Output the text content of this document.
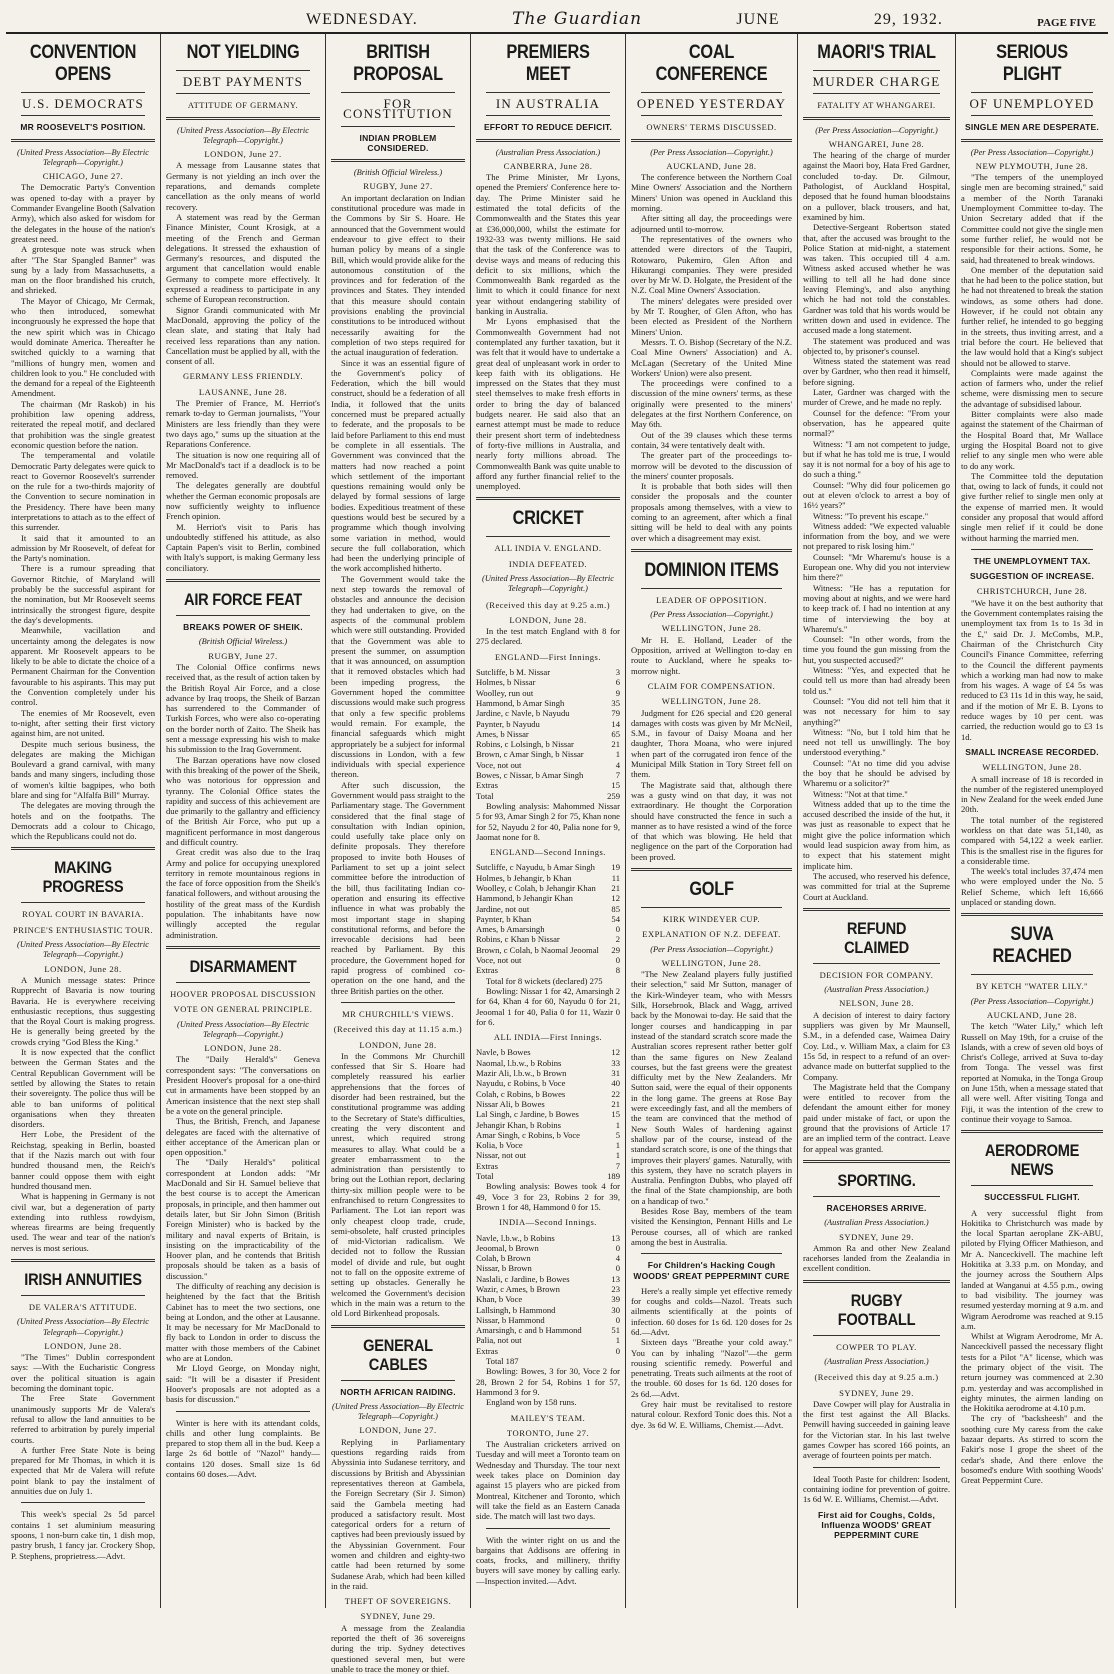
WEDNESDAY.	The Guardian	JUNE	29, 1932.	PAGE FIVE
CONVENTION OPENS
U.S. DEMOCRATS
MR ROOSEVELT'S POSITION.
(United Press Association—By Electric Telegraph—Copyright.)
CHICAGO, June 27.

The Democratic Party's Convention was opened to-day with a prayer by Commander Evangeline Booth (Salvation Army), which also asked for wisdom for the delegates in the house of the nation's greatest need.

A grotesque note was struck when after "The Star Spangled Banner" was sung by a lady from Massachusetts, a man on the floor brandished his crutch, and shrieked.

The Mayor of Chicago, Mr Cermak, who then introduced, somewhat incongruously he expressed the hope that the new spirit which was in Chicago would dominate America. Thereafter he switched quickly to a warning that "millions of hungry men, women and children look to you." He concluded with the demand for a repeal of the Eighteenth Amendment.

The chairman (Mr Raskob) in his prohibition law opening address, reiterated the repeal motif, and declared that prohibition was the single greatest economic question before the nation.

The temperamental and volatile Democratic Party delegates were quick to react to Governor Roosevelt's surrender on the rule for a two-thirds majority of the Convention to secure nomination in the Presidency. There have been many interpretations to attach as to the effect of this surrender.

It said that it amounted to an admission by Mr Roosevelt, of defeat for the Party's nomination.

There is a rumour spreading that Governor Ritchie, of Maryland will probably be the successful aspirant for the nomination, but Mr Roosevelt seems intrinsically the strongest figure, despite the day's developments.

Meanwhile, vacillation and uncertainty among the delegates is now apparent. Mr Roosevelt appears to be likely to be able to dictate the choice of a Permanent Chairman for the Convention favourable to his aspirants. This may put the Convention completely under his control.

The enemies of Mr Roosevelt, even to-night, after setting their first victory against him, are not united.

Despite much serious business, the delegates are making the Michigan Boulevard a grand carnival, with many bands and many singers, including those of women's kiltie bagpipes, who both blare and sing for "Alfalfa Bill" Murray.

The delegates are moving through the hotels and on the footpaths. The Democrats add a colour to Chicago, which the Republicans could not do.

MAKING PROGRESS
ROYAL COURT IN BAVARIA.
PRINCE'S ENTHUSIASTIC TOUR.
(United Press Association—By Electric Telegraph—Copyright.)
LONDON, June 28.

A Munich message states: Prince Rupprecht of Bavaria is now touring Bavaria. He is everywhere receiving enthusiastic receptions, thus suggesting that the Royal Court is making progress. He is generally being greeted by the crowds crying "God Bless the King."

It is now expected that the conflict between the German States and the Central Republican Government will be settled by allowing the States to retain their sovereignty. The police thus will be able to ban uniforms of political organisations when they threaten disorders.

Herr Lobe, the President of the Reichstag, speaking in Berlin, boasted that if the Nazis march out with four hundred thousand men, the Reich's banner could oppose them with eight hundred thousand men.

What is happening in Germany is not civil war, but a degeneration of party extending into ruthless rowdyism, whereas firearms are being frequently used. The wear and tear of the nation's nerves is most serious.

IRISH ANNUITIES
DE VALERA'S ATTITUDE.
(United Press Association—By Electric Telegraph—Copyright.)
LONDON, June 28.

"The Times" Dublin correspondent says: —With the Eucharistic Congress over the political situation is again becoming the dominant topic.

The Free State Government unanimously supports Mr de Valera's refusal to allow the land annuities to be referred to arbitration by purely imperial courts.

A further Free State Note is being prepared for Mr Thomas, in which it is expected that Mr de Valera will refute point blank to pay the instalment of annuities due on July 1.

This week's special 2s 5d parcel contains 1 set aluminium measuring spoons, 1 non-burn cake tin, 1 dish mop, pastry brush, 1 fancy jar. Crockery Shop, P. Stephens, proprietress.—Advt.

NOT YIELDING
DEBT PAYMENTS
ATTITUDE OF GERMANY.
(United Press Association—By Electric Telegraph—Copyright.)
LONDON, June 27.

A message from Lausanne states that Germany is not yielding an inch over the reparations, and demands complete cancellation as the only means of world recovery.

A statement was read by the German Finance Minister, Count Krosigk, at a meeting of the French and German delegations. It stressed the exhaustion of Germany's resources, and disputed the argument that cancellation would enable Germany to compete more effectively. It expressed a readiness to participate in any scheme of European reconstruction.

Signor Grandi communicated with Mr MacDonald, approving the policy of the clean slate, and stating that Italy had received less reparations than any nation. Cancellation must be applied by all, with the consent of all.

GERMANY LESS FRIENDLY.
LAUSANNE, June 28.

The Premier of France, M. Herriot's remark to-day to German journalists, "Your Ministers are less friendly than they were two days ago," sums up the situation at the Reparations Conference.

The situation is now one requiring all of Mr MacDonald's tact if a deadlock is to be removed.

The delegates generally are doubtful whether the German economic proposals are now sufficiently weighty to influence French opinion.

M. Herriot's visit to Paris has undoubtedly stiffened his attitude, as also Captain Papen's visit to Berlin, combined with Italy's support, is making Germany less conciliatory.

AIR FORCE FEAT
BREAKS POWER OF SHEIK.
(British Official Wireless.)
RUGBY, June 27.

The Colonial Office confirms news received that, as the result of action taken by the British Royal Air Force, and a close advance by Iraq troops, the Sheik of Barzan has surrendered to the Commander of Turkish Forces, who were also co-operating on the border north of Zaito. The Sheik has sent a message expressing his wish to make his submission to the Iraq Government.

The Barzan operations have now closed with this breaking of the power of the Sheik, who was notorious for oppression and tyranny. The Colonial Office states the rapidity and success of this achievement are due primarily to the gallantry and efficiency of the British Air Force, who put up a magnificent performance in most dangerous and difficult country.

Great credit was also due to the Iraq Army and police for occupying unexplored territory in remote mountainous regions in the face of force opposition from the Sheik's fanatical followers, and without arousing the hostility of the great mass of the Kurdish population. The inhabitants have now willingly accepted the regular administration.

DISARMAMENT
HOOVER PROPOSAL DISCUSSION
VOTE ON GENERAL PRINCIPLE.
(United Press Association—By Electric Telegraph—Copyright.)
LONDON, June 28.

The "Daily Herald's" Geneva correspondent says: "The conversations on President Hoover's proposal for a one-third cut in armaments have been stopped by an American insistence that the next step shall be a vote on the general principle.

Thus, the British, French, and Japanese delegates are faced with the alternative of either acceptance of the American plan or open opposition."

The "Daily Herald's" political correspondent at London adds: "Mr MacDonald and Sir H. Samuel believe that the best course is to accept the American proposals, in principle, and then hammer out details later, but Sir John Simon (British Foreign Minister) who is backed by the military and naval experts of Britain, is insisting on the impracticability of the Hoover plan, and he contends that British proposals should be taken as a basis of discussion."

The difficulty of reaching any decision is heightened by the fact that the British Cabinet has to meet the two sections, one being at London, and the other at Lausanne. It may be necessary for Mr MacDonald to fly back to London in order to discuss the matter with those members of the Cabinet who are at London.

Mr Lloyd George, on Monday night, said: "It will be a disaster if President Hoover's proposals are not adopted as a basis for discussion."

Winter is here with its attendant colds, chills and other lung complaints. Be prepared to stop them all in the bud. Keep a large 2s 6d bottle of "Nazol" handy—contains 120 doses. Small size 1s 6d contains 60 doses.—Advt.

BRITISH PROPOSAL
FOR CONSTITUTION
INDIAN PROBLEM CONSIDERED.
(British Official Wireless.)
RUGBY, June 27.

An important declaration on Indian constitutional procedure was made in the Commons by Sir S. Hoare. He announced that the Government would endeavour to give effect to their human policy by means of a single Bill, which would provide alike for the autonomous constitution of the provinces and for federation of the provinces and States. They intended that this measure should contain provisions enabling the provincial constitutions to be introduced without necessarily awaiting for the completion of two steps required for the actual inauguration of federation.

Since it was an essential figure of the Government's policy of Federation, which the bill would construct, should be a federation of all India, it followed that the units concerned must be prepared actually to federate, and the proposals to be laid before Parliament to this end must be complete in all essentials. The Government was convinced that the matters had now reached a point which settlement of the important questions remaining would only be delayed by formal sessions of large bodies. Expeditious treatment of these questions would best be secured by a programme which though involving some variation in method, would secure the full collaboration, which had been the underlying principle of the work accomplished hitherto.

The Government would take the next step towards the removal of obstacles and announce the decision they had undertaken to give, on the aspects of the communal problem which were still outstanding. Provided that the Government was able to present the summer, on assumption that it was announced, on assumption that it removed obstacles which had been impeding progress, the Government hoped the committee discussions would make such progress that only a few specific problems would remain. For example, the financial safeguards which might appropriately be a subject for informal discussions in London, with a few individuals with special experience thereon.

After such discussion, the Government would pass straight to the Parliamentary stage. The Government considered that the final stage of consultation with Indian opinion, could usefully take place only on definite proposals. They therefore proposed to invite both Houses of Parliament to set up a joint select committee before the introduction of the bill, thus facilitating Indian co-operation and ensuring its effective influence in what was probably the most important stage in shaping constitutional reforms, and before the irrevocable decisions had been reached by Parliament. By this procedure, the Government hoped for rapid progress of combined co-operation on the one hand, and the three British parties on the other.

MR CHURCHILL'S VIEWS.
(Received this day at 11.15 a.m.)
LONDON, June 28.

In the Commons Mr Churchill confessed that Sir S. Hoare had completely reassured his earlier apprehensions that the forces of disorder had been restrained, but the constitutional programme was adding to the Secretary of State's difficulties, creating the very discontent and unrest, which required strong measures to allay. What could be a greater embarrassment to the administration than persistently to bring out the Lothian report, declaring thirty-six million people were to be enfranchised to return Congressites to Parliament. The Lot ian report was only cheapest cloop trade, crude, semi-obsolete, half crusted principles of mid-Victorian radicalism. We decided not to follow the Russian model of divide and rule, but ought not to fall on the opposite extreme of setting up obstacles. Generally he welcomed the Government's decision which in the main was a return to the old Lord Birkenhead proposals.

GENERAL CABLES
NORTH AFRICAN RAIDING.
(United Press Association—By Electric Telegraph—Copyright.)
LONDON, June 27.

Replying in Parliamentary questions regarding raids from Abyssinia into Sudanese territory, and discussions by British and Abyssinian representatives thereon at Gambela, the Foreign Secretary (Sir J. Simon) said the Gambela meeting had produced a satisfactory result. Most categorical orders for a return of captives had been previously issued by the Abyssinian Government. Four women and children and eighty-two cattle had been returned by some Sudanese Arab, which had been killed in the raid.

THEFT OF SOVEREIGNS.
SYDNEY, June 29.

A message from the Zealandia reported the theft of 36 sovereigns during the trip. Sydney detectives questioned several men, but were unable to trace the money or thief.

PREMIERS MEET
IN AUSTRALIA
EFFORT TO REDUCE DEFICIT.
(Australian Press Association.)
CANBERRA, June 28.

The Prime Minister, Mr Lyons, opened the Premiers' Conference here to-day. The Prime Minister said he estimated the total deficits of the Commonwealth and the States this year at £36,000,000, whilst the estimate for 1932-33 was twenty millions. He said that the task of the Conference was to devise ways and means of reducing this deficit to six millions, which the Commonwealth Bank regarded as the limit to which it could finance for next year without endangering stability of banking in Australia.

Mr Lyons emphasised that the Commonwealth Government had not contemplated any further taxation, but it was felt that it would have to undertake a great deal of unpleasant work in order to keep faith with its obligations. He impressed on the States that they must steel themselves to make fresh efforts in order to bring the day of balanced budgets nearer. He said also that an earnest attempt must be made to reduce their present short term of indebtedness of forty-five millions in Australia, and nearly forty millions abroad. The Commonwealth Bank was quite unable to afford any further financial relief to the unemployed.

CRICKET
ALL INDIA V. ENGLAND.
INDIA DEFEATED.
(United Press Association—By Electric Telegraph—Copyright.)
(Received this day at 9.25 a.m.)
LONDON, June 28.

In the test match England with 8 for 275 declared.

ENGLAND—First Innings.
Sutcliffe, b M. Nissar	3
Holmes, b Nissar	6
Woolley, run out	9
Hammond, b Amar Singh	35
Jardine, c Navle, b Nayudu	79
Paynter, b Nayudu	14
Ames, b Nissar	65
Robins, c Lolsingh, b Nissar	21
Brown, c Amar Singh, b Nissar	1
Voce, not out	4
Bowes, c Nissar, b Amar Singh	7
Extras	15
Total	259

Bowling analysis: Mahommed Nissar 5 for 93, Amar Singh 2 for 75, Khan none for 52, Nayudu 2 for 40, Palia none for 9, Jaomat none for 8.

ENGLAND—Second Innings.
Sutcliffe, c Nayudu, b Amar Singh 19
Holmes, b Jehangir, b Khan	11
Woolley, c Colah, b Jehangir Khan 21
Hammond, b Jehangir Khan	12
Jardine, not out	85
Paynter, b Khan	54
Ames, b Amarsingh	0
Robins, c Khan b Nissar	2
Brown, c Colah, b Naomal Jeoomal 29
Voce, not out	0
Extras	8

Total for 8 wickets (declared) 275

Bowling: Nissar 1 for 42, Amarsingh 2 for 64, Khan 4 for 60, Nayudu 0 for 21, Jeoomal 1 for 40, Palia 0 for 11, Wazir 0 for 6.

ALL INDIA—First Innings.
Navle, b Bowes	12
Naomal, l.b.w., b Robins	33
Mazir Ali, l.b.w., b Brown	31
Nayudu, c Robins, b Voce	40
Colah, c Robins, b Bowes	22
Nissar Ali, b Bowes	21
Lal Singh, c Jardine, b Bowes	15
Jehangir Khan, b Robins	1
Amar Singh, c Robins, b Voce	5
Kolia, b Voce	1
Nissar, not out	1
Extras	7
Total	189

Bowling analysis: Bowes took 4 for 49, Voce 3 for 23, Robins 2 for 39, Brown 1 for 48, Hammond 0 for 15.

INDIA—Second Innings.
Navle, l.b.w., b Robins	13
Jeoomal, b Brown	0
Colah, b Brown	4
Nissar, b Brown	0
Naslali, c Jardine, b Bowes	13
Wazir, c Ames, b Brown	23
Khan, b Voce	39
Lallsingh, b Hammond	30
Nissar, b Hammond	0
Amarsingh, c and b Hammond	51
Palia, not out	1
Extras	0

Total 187

Bowling: Bowes, 3 for 30, Voce 2 for 28, Brown 2 for 54, Robins 1 for 57, Hammond 3 for 9.

England won by 158 runs.

MAILEY'S TEAM.
TORONTO, June 27.

The Australian cricketers arrived on Tuesday and will meet a Toronto team on Wednesday and Thursday. The tour next week takes place on Dominion day against 15 players who are picked from Montreal, Kitchener and Toronto, which will take the field as an Eastern Canada side. The match will last two days.

With the winter right on us and the bargains that Addisons are offering in coats, frocks, and millinery, thrifty buyers will save money by calling early.—Inspection invited.—Advt.

COAL CONFERENCE
OPENED YESTERDAY
OWNERS' TERMS DISCUSSED.
(Per Press Association—Copyright.)
AUCKLAND, June 28.

The conference between the Northern Coal Mine Owners' Association and the Northern Miners' Union was opened in Auckland this morning.

After sitting all day, the proceedings were adjourned until to-morrow.

The representatives of the owners who attended were directors of the Taupiri, Rotowaro, Pukemiro, Glen Afton and Hikurangi companies. They were presided over by Mr W. D. Holgate, the President of the N.Z. Coal Mine Owners' Association.

The miners' delegates were presided over by Mr T. Rougher, of Glen Afton, who has been elected as President of the Northern Miners' Union.

Messrs. T. O. Bishop (Secretary of the N.Z. Coal Mine Owners' Association) and A. McLagan (Secretary of the United Mine Workers' Union) were also present.

The proceedings were confined to a discussion of the mine owners' terms, as these originally were presented to the miners' delegates at the first Northern Conference, on May 6th.

Out of the 39 clauses which these terms contain, 34 were tentatively dealt with.

The greater part of the proceedings to-morrow will be devoted to the discussion of the miners' counter proposals.

It is probable that both sides will then consider the proposals and the counter proposals among themselves, with a view to coming to an agreement, after which a final sitting will be held to deal with any points over which a disagreement may exist.

DOMINION ITEMS
LEADER OF OPPOSITION.
(Per Press Association—Copyright.)
WELLINGTON, June 28.

Mr H. E. Holland, Leader of the Opposition, arrived at Wellington to-day en route to Auckland, where he speaks to-morrow night.

CLAIM FOR COMPENSATION.
WELLINGTON, June 28.

Judgment for £26 special and £20 general damages with costs was given by Mr McNeil, S.M., in favour of Daisy Moana and her daughter, Thora Moana, who were injured when part of the corrugated iron fence of the Municipal Milk Station in Tory Street fell on them.

The Magistrate said that, although there was a gusty wind on that day, it was not extraordinary. He thought the Corporation should have constructed the fence in such a manner as to have resisted a wind of the force of that which was blowing. He held that negligence on the part of the Corporation had been proved.

GOLF
KIRK WINDEYER CUP.
EXPLANATION OF N.Z. DEFEAT.
(Per Press Association—Copyright.)
WELLINGTON, June 28.

"The New Zealand players fully justified their selection," said Mr Sutton, manager of the Kirk-Windeyer team, who with Messrs Silk, Horsebrook, Black and Wagg, arrived back by the Monowai to-day. He said that the longer courses and handicapping in par instead of the standard scratch score made the Australian scores represent rather better golf than the same figures on New Zealand courses, but the fast greens were the greatest difficulty met by the New Zealanders. Mr Sutton said, were the equal of their opponents in the long game. The greens at Rose Bay were exceedingly fast, and all the members of the team are convinced that the method of New South Wales of hardening against shallow par of the course, instead of the standard scratch score, is one of the things that improves their players' games. Naturally, with this system, they have no scratch players in Australia. Penfington Dubbs, who played off the final of the State championship, are both on a handicap of two."

Besides Rose Bay, members of the team visited the Kensington, Pennant Hills and Le Perouse courses, all of which are ranked among the best in Australia.

For Children's Hacking Cough WOODS' GREAT PEPPERMINT CURE

Here's a really simple yet effective remedy for coughs and colds—Nazol. Treats such ailments scientifically at the points of infection. 60 doses for 1s 6d. 120 doses for 2s 6d.—Advt.

Sixteen days "Breathe your cold away." You can by inhaling "Nazol"—the germ rousing scientific remedy. Powerful and penetrating. Treats such ailments at the root of the trouble. 60 doses for 1s 6d. 120 doses for 2s 6d.—Advt.

Grey hair must be revitalised to restore natural colour. Rexford Tonic does this. Not a dye. 3s 6d W. E. Williams, Chemist.—Advt.

MAORI'S TRIAL
MURDER CHARGE
FATALITY AT WHANGAREI.
(Per Press Association—Copyright.)
WHANGAREI, June 28.

The hearing of the charge of murder against the Maori boy, Hata Fred Gardner, concluded to-day. Dr. Gilmour, Pathologist, of Auckland Hospital, deposed that he found human bloodstains on a pullover, black trousers, and hat, examined by him.

Detective-Sergeant Robertson stated that, after the accused was brought to the Police Station at mid-night, a statement was taken. This occupied till 4 a.m. Witness asked accused whether he was willing to tell all he had done since leaving Fleming's, and also anything which he had not told the constables. Gardner was told that his words would be written down and used in evidence. The accused made a long statement.

The statement was produced and was objected to, by prisoner's counsel.

Witness stated the statement was read over by Gardner, who then read it himself, before signing.

Later, Gardner was charged with the murder of Crewe, and he made no reply.

Counsel for the defence: "From your observation, has he appeared quite normal?"

Witness: "I am not competent to judge, but if what he has told me is true, I would say it is not normal for a boy of his age to do such a thing."

Counsel: "Why did four policemen go out at eleven o'clock to arrest a boy of 16½ years?"

Witness: "To prevent his escape."

Witness added: "We expected valuable information from the boy, and we were not prepared to risk losing him."

Counsel: "Mr Wharemu's house is a European one. Why did you not interview him there?"

Witness: "He has a reputation for moving about at nights, and we were hard to keep track of. I had no intention at any time of interviewing the boy at Wharemu's."

Counsel: "In other words, from the time you found the gun missing from the hut, you suspected accused?"

Witness: "Yes, and expected that he could tell us more than had already been told us."

Counsel: "You did not tell him that it was not necessary for him to say anything?"

Witness: "No, but I told him that he need not tell us unwillingly. The boy understood everything."

Counsel: "At no time did you advise the boy that he should be advised by Wharemu or a solicitor?"

Witness: "Not at that time."

Witness added that up to the time the accused described the inside of the hut, it was just as reasonable to expect that he might give the police information which would lead suspicion away from him, as to expect that his statement might implicate him.

The accused, who reserved his defence, was committed for trial at the Supreme Court at Auckland.

REFUND CLAIMED
DECISION FOR COMPANY.
(Australian Press Association.)
NELSON, June 28.

A decision of interest to dairy factory suppliers was given by Mr Maunsell, S.M., in a defended case, Waimea Dairy Coy. Ltd., v. William Max, a claim for £3 15s 5d, in respect to a refund of an over-advance made on butterfat supplied to the Company.

The Magistrate held that the Company were entitled to recover from the defendant the amount either for money paid under mistake of fact, or upon the ground that the provisions of Article 17 are an implied term of the contract. Leave for appeal was granted.

SPORTING.
RACEHORSES ARRIVE.
(Australian Press Association.)
SYDNEY, June 29.

Ammon Ra and other New Zealand racehorses landed from the Zealandia in excellent condition.

RUGBY FOOTBALL
COWPER TO PLAY.
(Australian Press Association.)
(Received this day at 9.25 a.m.)
SYDNEY, June 29.

Dave Cowper will play for Australia in the first test against the All Blacks. Penwill having succeeded in gaining leave for the Victorian star. In his last twelve games Cowper has scored 166 points, an average of fourteen points per match.

Ideal Tooth Paste for children: Isodent, containing iodine for prevention of goitre. 1s 6d W. E. Williams, Chemist.—Advt.

First aid for Coughs, Colds, Influenza WOODS' GREAT PEPPERMINT CURE
SERIOUS PLIGHT
OF UNEMPLOYED
SINGLE MEN ARE DESPERATE.
(Per Press Association—Copyright.)
NEW PLYMOUTH, June 28.

"The tempers of the unemployed single men are becoming strained," said a member of the North Taranaki Unemployment Committee to-day. The Union Secretary added that if the Committee could not give the single men some further relief, he would not be responsible for their actions. Some, he said, had threatened to break windows.

One member of the deputation said that he had been to the police station, but he had not threatened to break the station windows, as some others had done. However, if he could not obtain any further relief, he intended to go begging in the streets, thus inviting arrest, and a trial before the court. He believed that the law would hold that a King's subject should not be allowed to starve.

Complaints were made against the action of farmers who, under the relief scheme, were dismissing men to secure the advantage of subsidised labour.

Bitter complaints were also made against the statement of the Chairman of the Hospital Board that, Mr Wallace urging the Hospital Board not to give relief to any single men who were able to do any work.

The Committee told the deputation that, owing to lack of funds, it could not give further relief to single men only at the expense of married men. It would consider any proposal that would afford single men relief if it could be done without harming the married men.

THE UNEMPLOYMENT TAX.
SUGGESTION OF INCREASE.
CHRISTCHURCH, June 28.

"We have it on the best authority that the Government contemplates raising the unemployment tax from 1s to 1s 3d in the £," said Dr. J. McCombs, M.P., Chairman of the Christchurch City Council's Finance Committee, referring to the Council the different payments which a working man had now to make from his wages. A wage of £4 5s was reduced to £3 11s 1d in this way, he said, and if the motion of Mr E. B. Lyons to reduce wages by 10 per cent. was carried, the reduction would go to £3 1s 1d.

SMALL INCREASE RECORDED.
WELLINGTON, June 28.

A small increase of 18 is recorded in the number of the registered unemployed in New Zealand for the week ended June 20th.

The total number of the registered workless on that date was 51,140, as compared with 54,122 a week earlier. This is the smallest rise in the figures for a considerable time.

The week's total includes 37,474 men who were employed under the No. 5 Relief Scheme, which left 16,666 unplaced or standing down.

SUVA REACHED
BY KETCH "WATER LILY."
(Per Press Association—Copyright.)
AUCKLAND, June 28.

The ketch "Water Lily," which left Russell on May 19th, for a cruise of the Islands, with a crew of seven old boys of Christ's College, arrived at Suva to-day from Tonga. The vessel was first reported at Nomuka, in the Tonga Group on June 15th, when a message stated that all were well. After visiting Tonga and Fiji, it was the intention of the crew to continue their voyage to Samoa.

AERODROME NEWS
SUCCESSFUL FLIGHT.

A very successful flight from Hokitika to Christchurch was made by the local Spartan aeroplane ZK-ABU, piloted by Flying Officer Mathieson, and Mr A. Nanceckivell. The machine left Hokitika at 3.33 p.m. on Monday, and the journey across the Southern Alps landed at Wanganui at 4.55 p.m., owing to bad visibility. The journey was resumed yesterday morning at 9 a.m. and Wigram Aerodrome was reached at 9.15 a.m.

Whilst at Wigram Aerodrome, Mr A. Nanceckivell passed the necessary flight tests for a Pilot "A" license, which was the primary object of the visit. The return journey was commenced at 2.30 p.m. yesterday and was accomplished in eighty minutes, the airmen landing on the Hokitika aerodrome at 4.10 p.m.

The cry of "backsheesh" and the soothing cure My caress from the cake bazaar departs. As stirred to scorn the Fakir's nose I grope the sheet of the cedar's shade, And there enlove the bosomed's endure With soothing Woods' Great Peppermint Cure.
